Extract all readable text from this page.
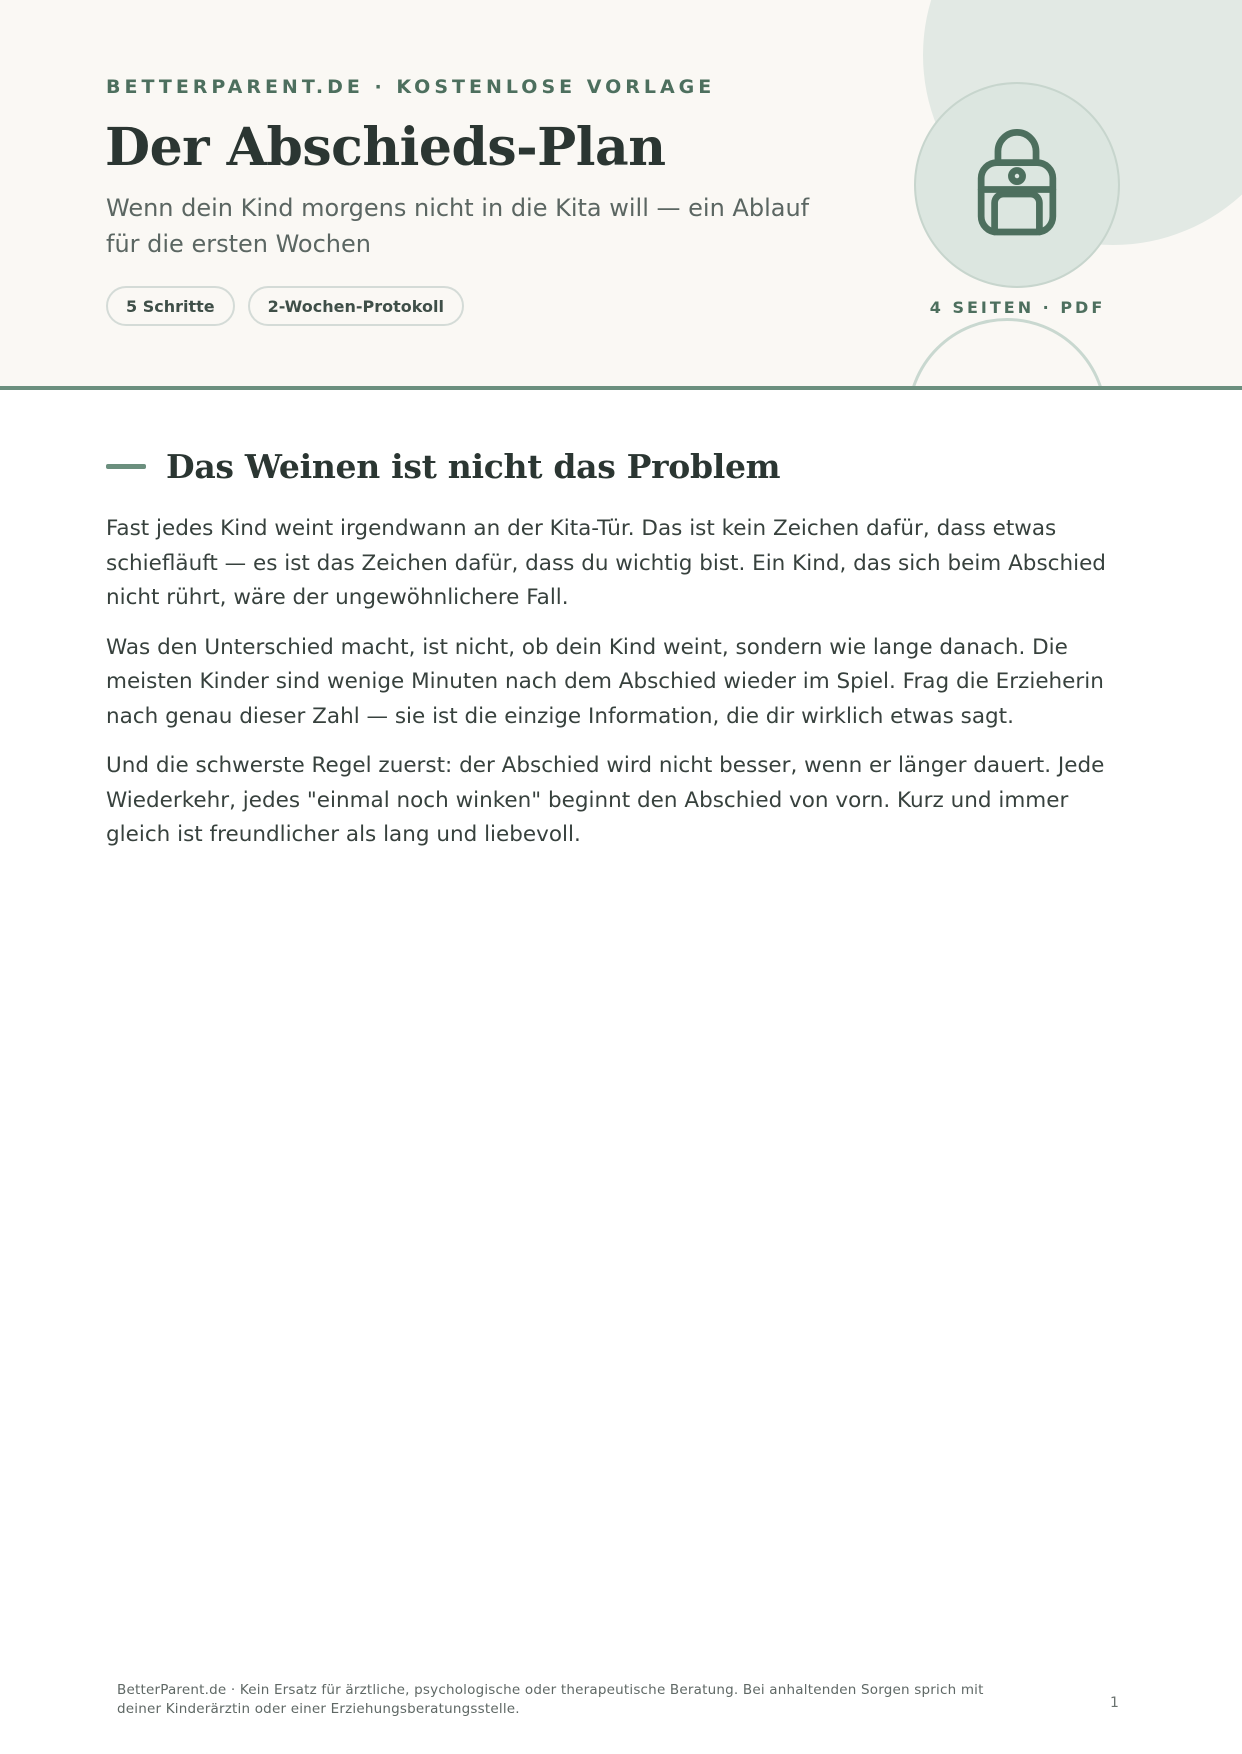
BETTERPARENT.DE · KOSTENLOSE VORLAGE
Der Abschieds-Plan
Wenn dein Kind morgens nicht in die Kita will — ein Ablauf für die ersten Wochen
5 Schritte	2-Wochen-Protokoll	4 SEITEN · PDF
Das Weinen ist nicht das Problem

Fast jedes Kind weint irgendwann an der Kita-Tür. Das ist kein Zeichen dafür, dass etwas schiefläuft — es ist das Zeichen dafür, dass du wichtig bist. Ein Kind, das sich beim Abschied nicht rührt, wäre der ungewöhnlichere Fall.

Was den Unterschied macht, ist nicht, ob dein Kind weint, sondern wie lange danach. Die meisten Kinder sind wenige Minuten nach dem Abschied wieder im Spiel. Frag die Erzieherin nach genau dieser Zahl — sie ist die einzige Information, die dir wirklich etwas sagt.

Und die schwerste Regel zuerst: der Abschied wird nicht besser, wenn er länger dauert. Jede Wiederkehr, jedes "einmal noch winken" beginnt den Abschied von vorn. Kurz und immer gleich ist freundlicher als lang und liebevoll.

BetterParent.de · Kein Ersatz für ärztliche, psychologische oder therapeutische Beratung. Bei anhaltenden Sorgen sprich mit deiner Kinderärztin oder einer Erziehungsberatungsstelle.	1
